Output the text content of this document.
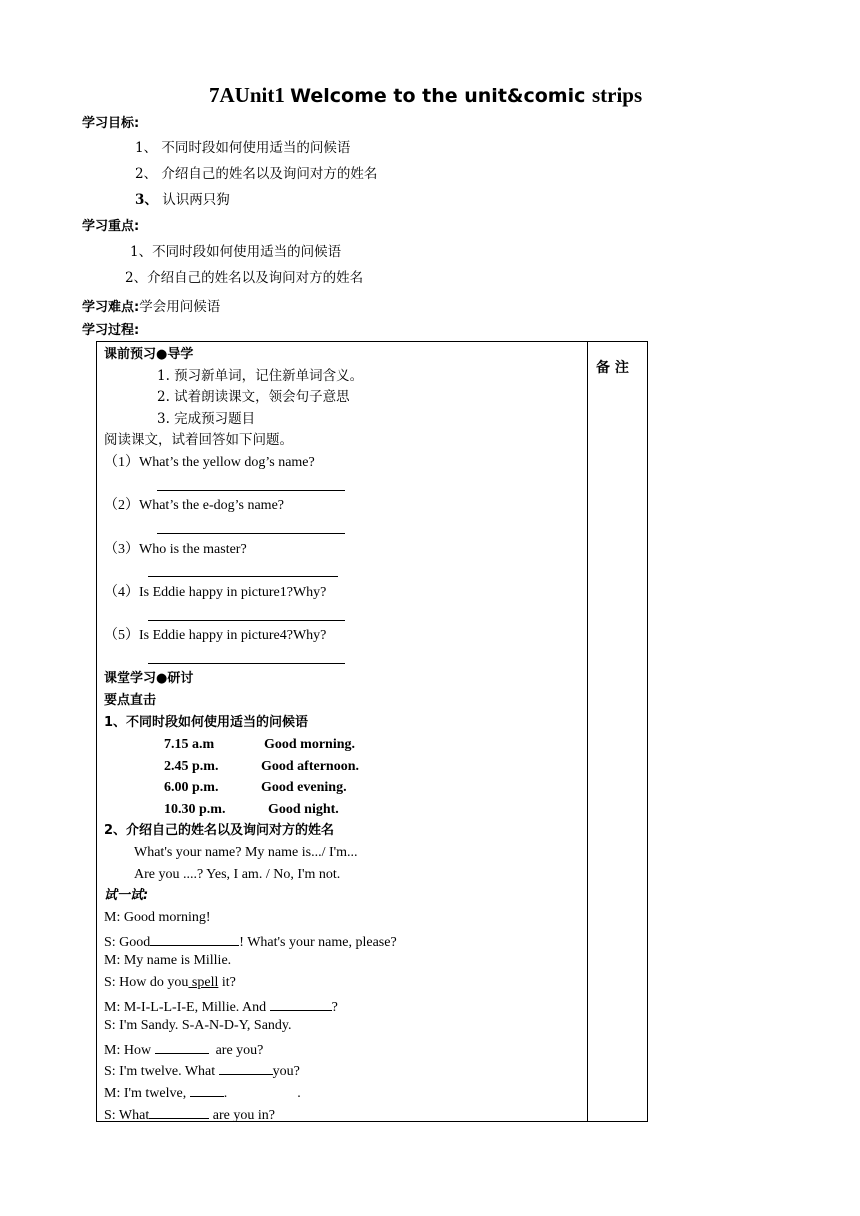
7AUnit1 Welcome to the unit&comic strips
学习目标:
1、 不同时段如何使用适当的问候语
2、 介绍自己的姓名以及询问对方的姓名
3、 认识两只狗
学习重点:
1、不同时段如何使用适当的问候语
2、介绍自己的姓名以及询问对方的姓名
学习难点:学会用问候语
学习过程:
备 注
课前预习●导学
1. 预习新单词，记住新单词含义。
2. 试着朗读课文，领会句子意思
3. 完成预习题目
阅读课文，试着回答如下问题。
（1）What’s the yellow dog’s name?
（2）What’s the e-dog’s name?
（3）Who is the master?
（4）Is Eddie happy in picture1?Why?
（5）Is Eddie happy in picture4?Why?
课堂学习●研讨
要点直击
1、不同时段如何使用适当的问候语
7.15 a.m	Good morning.
2.45 p.m.	Good afternoon.
6.00 p.m.	Good evening.
10.30 p.m.	Good night.
2、介绍自己的姓名以及询问对方的姓名
What's your name? My name is.../ I'm...
Are you ....? Yes, I am. / No, I'm not.
试一试:
M: Good morning!
S: Good	! What's your name, please?
M: My name is Millie.
S: How do you spell it?
M: M-I-L-L-I-E, Millie. And	?
S: I'm Sandy. S-A-N-D-Y, Sandy.
M: How	are you?
S: I'm twelve. What	you?
M: I'm twelve, .	.
S: What	are you in?
